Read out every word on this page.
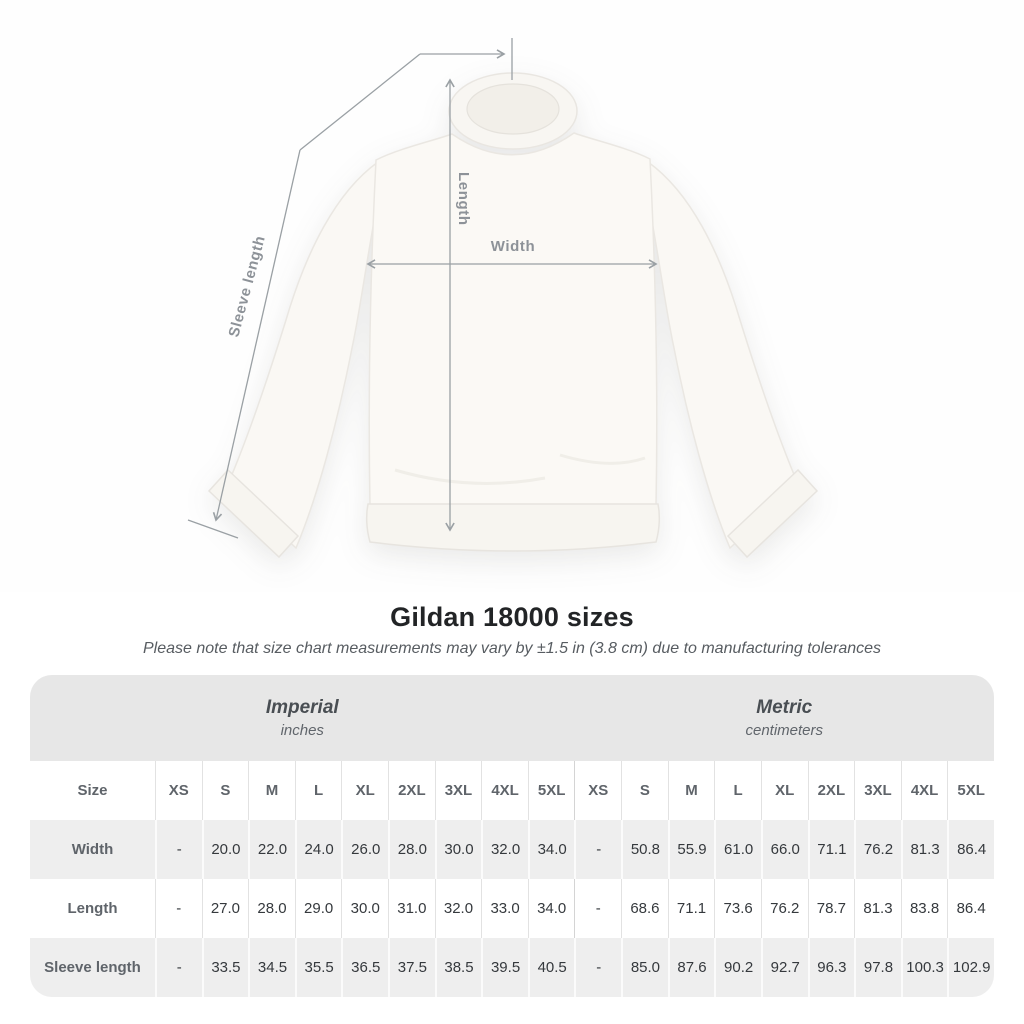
Sleeve length
Length
Width
Gildan 18000 sizes

Please note that size chart measurements may vary by ±1.5 in (3.8 cm) due to manufacturing tolerances

Imperial
inches
Metric
centimeters
Size	XS	S	M	L	XL	2XL	3XL	4XL	5XL	XS	S	M	L	XL	2XL	3XL	4XL	5XL
Width	-	20.0	22.0	24.0	26.0	28.0	30.0	32.0	34.0	-	50.8	55.9	61.0	66.0	71.1	76.2	81.3	86.4
Length	-	27.0	28.0	29.0	30.0	31.0	32.0	33.0	34.0	-	68.6	71.1	73.6	76.2	78.7	81.3	83.8	86.4
Sleeve length	-	33.5	34.5	35.5	36.5	37.5	38.5	39.5	40.5	-	85.0	87.6	90.2	92.7	96.3	97.8 100.3 102.9
